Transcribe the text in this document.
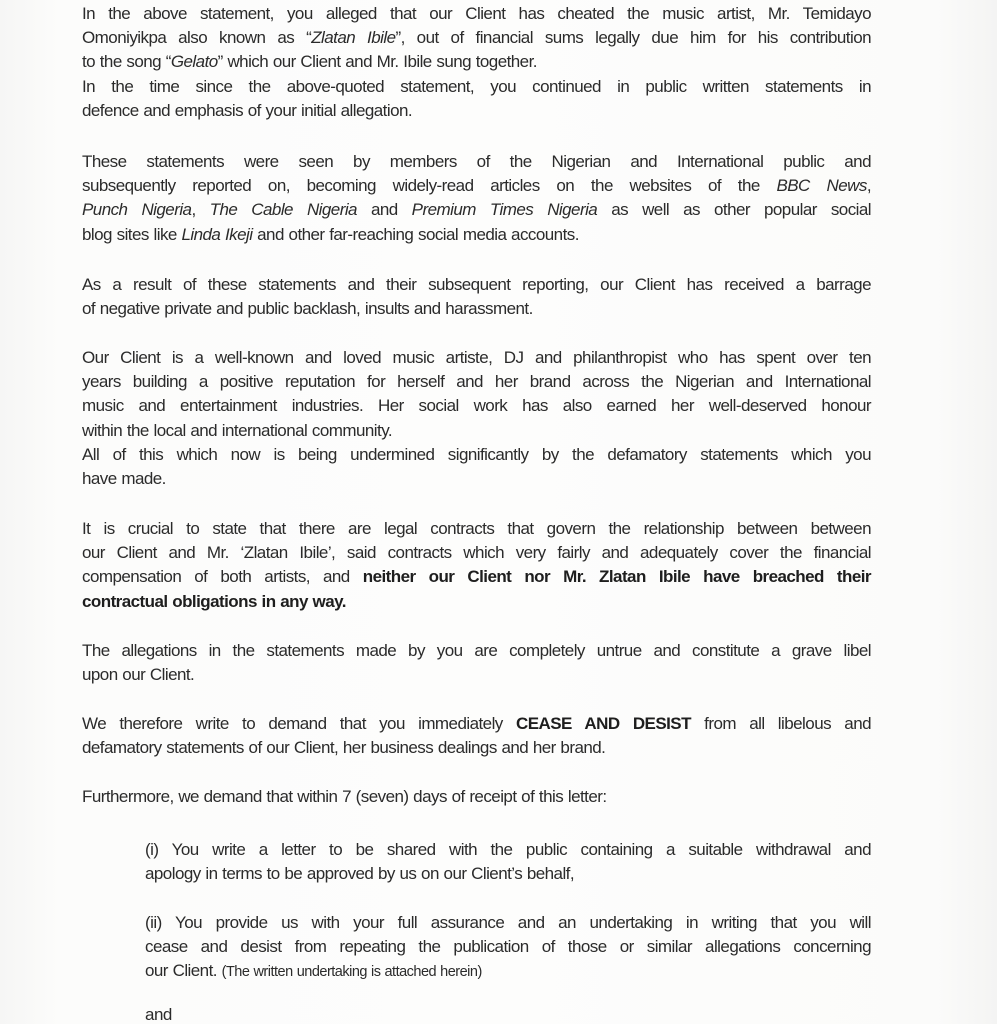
In the above statement, you alleged that our Client has cheated the music artist, Mr. Temidayo
Omoniyikpa also known as “Zlatan Ibile”, out of financial sums legally due him for his contribution
to the song “Gelato” which our Client and Mr. Ibile sung together.
In the time since the above-quoted statement, you continued in public written statements in
defence and emphasis of your initial allegation.
These statements were seen by members of the Nigerian and International public and
subsequently reported on, becoming widely-read articles on the websites of the BBC News,
Punch Nigeria, The Cable Nigeria and Premium Times Nigeria as well as other popular social
blog sites like Linda Ikeji and other far-reaching social media accounts.
As a result of these statements and their subsequent reporting, our Client has received a barrage
of negative private and public backlash, insults and harassment.
Our Client is a well-known and loved music artiste, DJ and philanthropist who has spent over ten
years building a positive reputation for herself and her brand across the Nigerian and International
music and entertainment industries. Her social work has also earned her well-deserved honour
within the local and international community.
All of this which now is being undermined significantly by the defamatory statements which you
have made.
It is crucial to state that there are legal contracts that govern the relationship between between
our Client and Mr. ‘Zlatan Ibile’, said contracts which very fairly and adequately cover the financial
compensation of both artists, and neither our Client nor Mr. Zlatan Ibile have breached their
contractual obligations in any way.
The allegations in the statements made by you are completely untrue and constitute a grave libel
upon our Client.
We therefore write to demand that you immediately CEASE AND DESIST from all libelous and
defamatory statements of our Client, her business dealings and her brand.
Furthermore, we demand that within 7 (seven) days of receipt of this letter:
(i) You write a letter to be shared with the public containing a suitable withdrawal and
apology in terms to be approved by us on our Client’s behalf,
(ii) You provide us with your full assurance and an undertaking in writing that you will
cease and desist from repeating the publication of those or similar allegations concerning
our Client. (The written undertaking is attached herein)
and
